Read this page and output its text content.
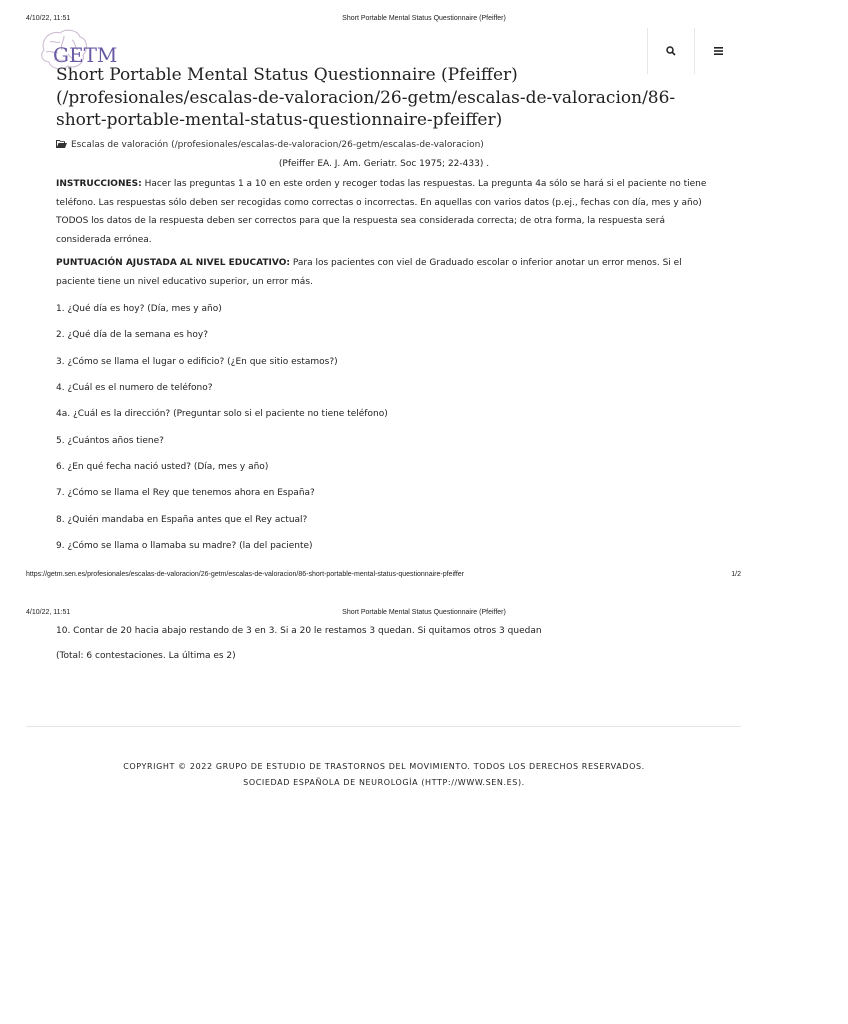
4/10/22, 11:51	Short Portable Mental Status Questionnaire (Pfeiffer)
GETM
Short Portable Mental Status Questionnaire (Pfeiffer) (/profesionales/escalas-de-valoracion/26-getm/escalas-de-valoracion/86-short-portable-mental-status-questionnaire-pfeiffer)
Escalas de valoración (/profesionales/escalas-de-valoracion/26-getm/escalas-de-valoracion)
(Pfeiffer EA. J. Am. Geriatr. Soc 1975; 22-433) .

INSTRUCCIONES: Hacer las preguntas 1 a 10 en este orden y recoger todas las respuestas. La pregunta 4a sólo se hará si el paciente no tiene teléfono. Las respuestas sólo deben ser recogidas como correctas o incorrectas. En aquellas con varios datos (p.ej., fechas con día, mes y año) TODOS los datos de la respuesta deben ser correctos para que la respuesta sea considerada correcta; de otra forma, la respuesta será considerada errónea.

PUNTUACIÓN AJUSTADA AL NIVEL EDUCATIVO: Para los pacientes con viel de Graduado escolar o inferior anotar un error menos. Si el paciente tiene un nivel educativo superior, un error más.

1. ¿Qué día es hoy? (Día, mes y año)
2. ¿Qué día de la semana es hoy?
3. ¿Cómo se llama el lugar o edificio? (¿En que sitio estamos?)
4. ¿Cuál es el numero de teléfono?
4a. ¿Cuál es la dirección? (Preguntar solo si el paciente no tiene teléfono)
5. ¿Cuántos años tiene?
6. ¿En qué fecha nació usted? (Día, mes y año)
7. ¿Cómo se llama el Rey que tenemos ahora en España?
8. ¿Quién mandaba en España antes que el Rey actual?
9. ¿Cómo se llama o llamaba su madre? (la del paciente)
https://getm.sen.es/profesionales/escalas-de-valoracion/26-getm/escalas-de-valoracion/86-short-portable-mental-status-questionnaire-pfeiffer	1/2
4/10/22, 11:51	Short Portable Mental Status Questionnaire (Pfeiffer)
10. Contar de 20 hacia abajo restando de 3 en 3. Si a 20 le restamos 3 quedan. Si quitamos otros 3 quedan
(Total: 6 contestaciones. La última es 2)
COPYRIGHT © 2022 GRUPO DE ESTUDIO DE TRASTORNOS DEL MOVIMIENTO. TODOS LOS DERECHOS RESERVADOS.
SOCIEDAD ESPAÑOLA DE NEUROLOGÍA (HTTP://WWW.SEN.ES).
